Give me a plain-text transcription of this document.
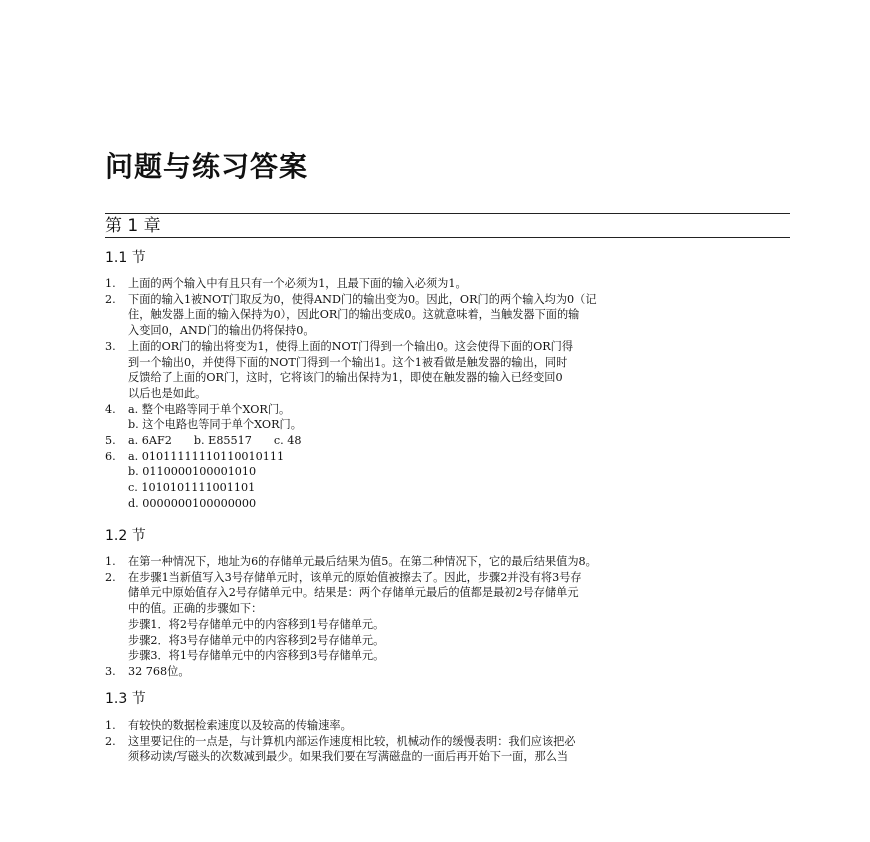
问题与练习答案
第 1 章
1.1 节
1. 上面的两个输入中有且只有一个必须为1，且最下面的输入必须为1。
2. 下面的输入1被NOT门取反为0，使得AND门的输出变为0。因此，OR门的两个输入均为0（记
住，触发器上面的输入保持为0），因此OR门的输出变成0。这就意味着，当触发器下面的输
入变回0，AND门的输出仍将保持0。
3. 上面的OR门的输出将变为1，使得上面的NOT门得到一个输出0。这会使得下面的OR门得
到一个输出0，并使得下面的NOT门得到一个输出1。这个1被看做是触发器的输出，同时
反馈给了上面的OR门，这时，它将该门的输出保持为1，即使在触发器的输入已经变回0
以后也是如此。
4. a. 整个电路等同于单个XOR门。
b. 这个电路也等同于单个XOR门。
5. a. 6AF2 b. E85517 c. 48
6. a. 01011111110110010111
b. 0110000100001010
c. 1010101111001101
d. 0000000100000000
1.2 节
1. 在第一种情况下，地址为6的存储单元最后结果为值5。在第二种情况下，它的最后结果值为8。
2. 在步骤1当新值写入3号存储单元时，该单元的原始值被擦去了。因此，步骤2并没有将3号存
储单元中原始值存入2号存储单元中。结果是：两个存储单元最后的值都是最初2号存储单元
中的值。正确的步骤如下：
步骤1．将2号存储单元中的内容移到1号存储单元。
步骤2．将3号存储单元中的内容移到2号存储单元。
步骤3．将1号存储单元中的内容移到3号存储单元。
3. 32 768位。
1.3 节
1. 有较快的数据检索速度以及较高的传输速率。
2. 这里要记住的一点是，与计算机内部运作速度相比较，机械动作的缓慢表明：我们应该把必
须移动读/写磁头的次数减到最少。如果我们要在写满磁盘的一面后再开始下一面，那么当
